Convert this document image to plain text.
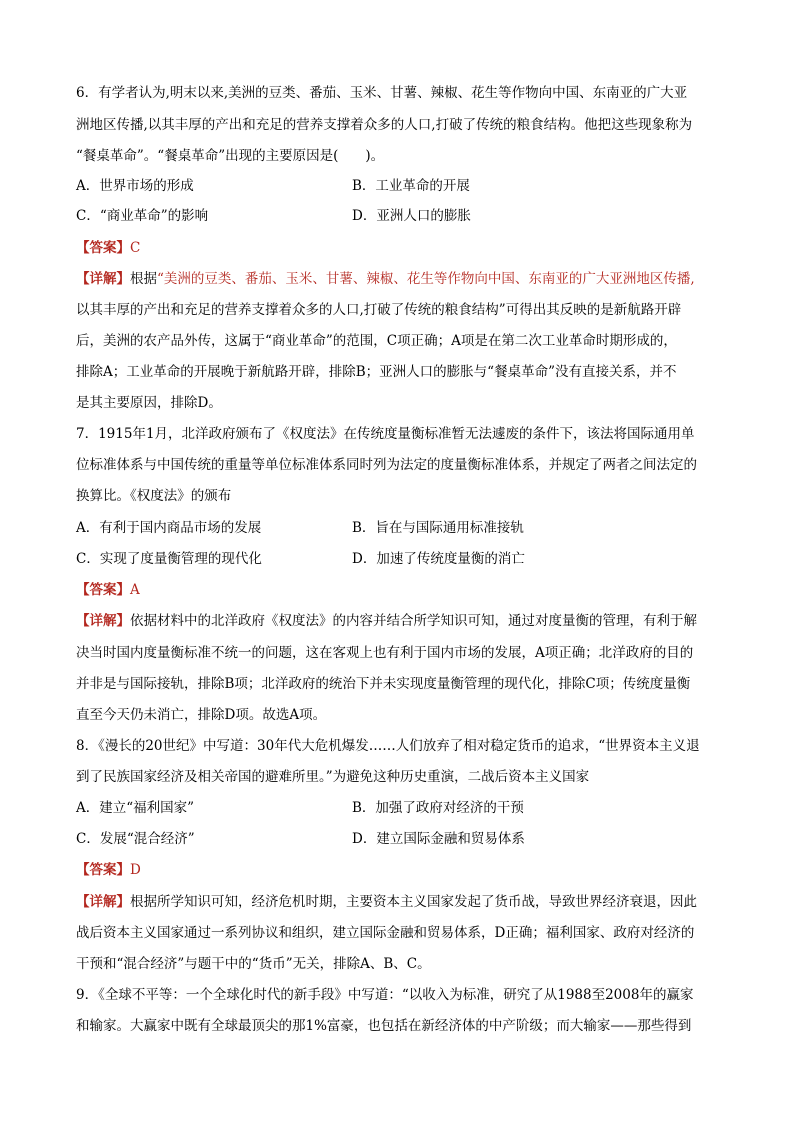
6．有学者认为,明末以来,美洲的豆类、番茄、玉米、甘薯、辣椒、花生等作物向中国、东南亚的广大亚
洲地区传播,以其丰厚的产出和充足的营养支撑着众多的人口,打破了传统的粮食结构。他把这些现象称为
“餐桌革命”。“餐桌革命”出现的主要原因是(　　)。
A．世界市场的形成	B．工业革命的开展
C．“商业革命”的影响	D．亚洲人口的膨胀
【答案】C
【详解】根据“美洲的豆类、番茄、玉米、甘薯、辣椒、花生等作物向中国、东南亚的广大亚洲地区传播,
以其丰厚的产出和充足的营养支撑着众多的人口,打破了传统的粮食结构”可得出其反映的是新航路开辟
后，美洲的农产品外传，这属于“商业革命”的范围，C项正确；A项是在第二次工业革命时期形成的，
排除A；工业革命的开展晚于新航路开辟，排除B；亚洲人口的膨胀与“餐桌革命”没有直接关系，并不
是其主要原因，排除D。
7．1915年1月，北洋政府颁布了《权度法》在传统度量衡标准暂无法遽废的条件下，该法将国际通用单
位标准体系与中国传统的重量等单位标准体系同时列为法定的度量衡标准体系，并规定了两者之间法定的
换算比。《权度法》的颁布
A．有利于国内商品市场的发展	B．旨在与国际通用标准接轨
C．实现了度量衡管理的现代化	D．加速了传统度量衡的消亡
【答案】A
【详解】依据材料中的北洋政府《权度法》的内容并结合所学知识可知，通过对度量衡的管理，有利于解
决当时国内度量衡标准不统一的问题，这在客观上也有利于国内市场的发展，A项正确；北洋政府的目的
并非是与国际接轨，排除B项；北洋政府的统治下并未实现度量衡管理的现代化，排除C项；传统度量衡
直至今天仍未消亡，排除D项。故选A项。
8．《漫长的20世纪》中写道：30年代大危机爆发……人们放弃了相对稳定货币的追求，“世界资本主义退
到了民族国家经济及相关帝国的避难所里。”为避免这种历史重演，二战后资本主义国家
A．建立“福利国家”	B．加强了政府对经济的干预
C．发展“混合经济”	D．建立国际金融和贸易体系
【答案】D
【详解】根据所学知识可知，经济危机时期，主要资本主义国家发起了货币战，导致世界经济衰退，因此
战后资本主义国家通过一系列协议和组织，建立国际金融和贸易体系，D正确；福利国家、政府对经济的
干预和“混合经济”与题干中的“货币”无关，排除A、B、C。
9．《全球不平等：一个全球化时代的新手段》中写道：“以收入为标准，研究了从1988至2008年的赢家
和输家。大赢家中既有全球最顶尖的那1%富豪，也包括在新经济体的中产阶级；而大输家——那些得到
